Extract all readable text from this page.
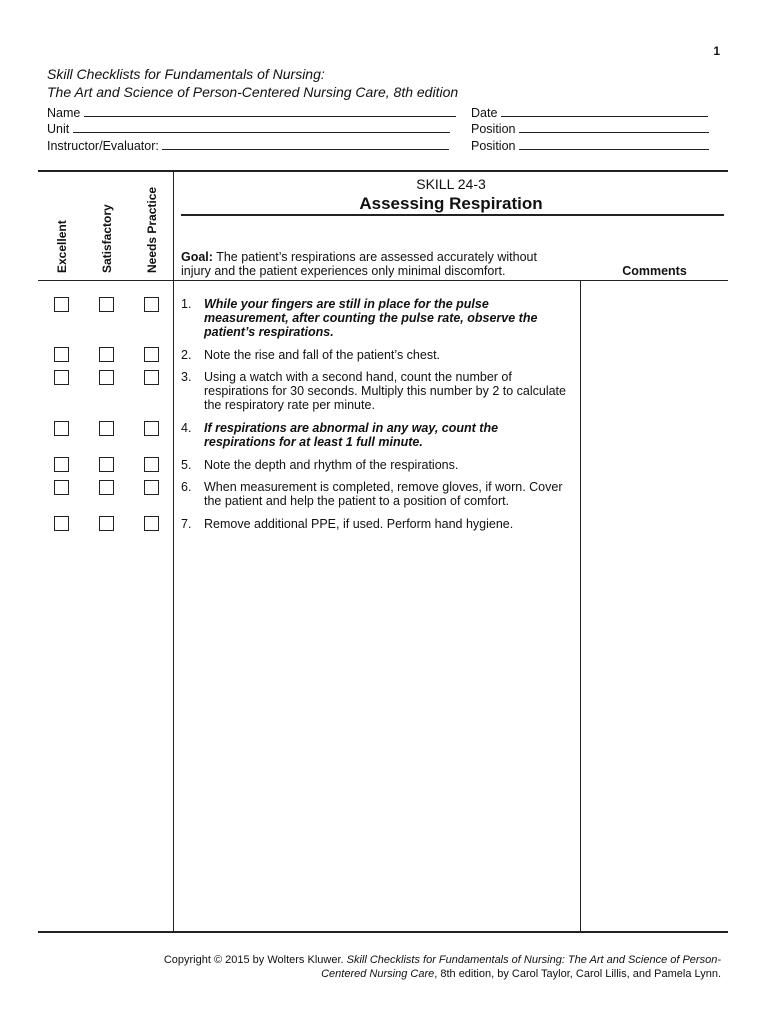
1
Skill Checklists for Fundamentals of Nursing:
The Art and Science of Person-Centered Nursing Care, 8th edition
Name
Unit
Instructor/Evaluator:
Date
Position
Position
Excellent	Satisfactory	Needs Practice
SKILL 24-3
Assessing Respiration
Goal: The patient’s respirations are assessed accurately without injury and the patient experiences only minimal discomfort.	Comments
1. While your fingers are still in place for the pulse measurement, after counting the pulse rate, observe the patient’s respirations.
2. Note the rise and fall of the patient’s chest.
3. Using a watch with a second hand, count the number of respirations for 30 seconds. Multiply this number by 2 to calculate the respiratory rate per minute.
4. If respirations are abnormal in any way, count the respirations for at least 1 full minute.
5. Note the depth and rhythm of the respirations.
6. When measurement is completed, remove gloves, if worn. Cover the patient and help the patient to a position of comfort.
7. Remove additional PPE, if used. Perform hand hygiene.
Copyright © 2015 by Wolters Kluwer. Skill Checklists for Fundamentals of Nursing: The Art and Science of Person-Centered Nursing Care, 8th edition, by Carol Taylor, Carol Lillis, and Pamela Lynn.
